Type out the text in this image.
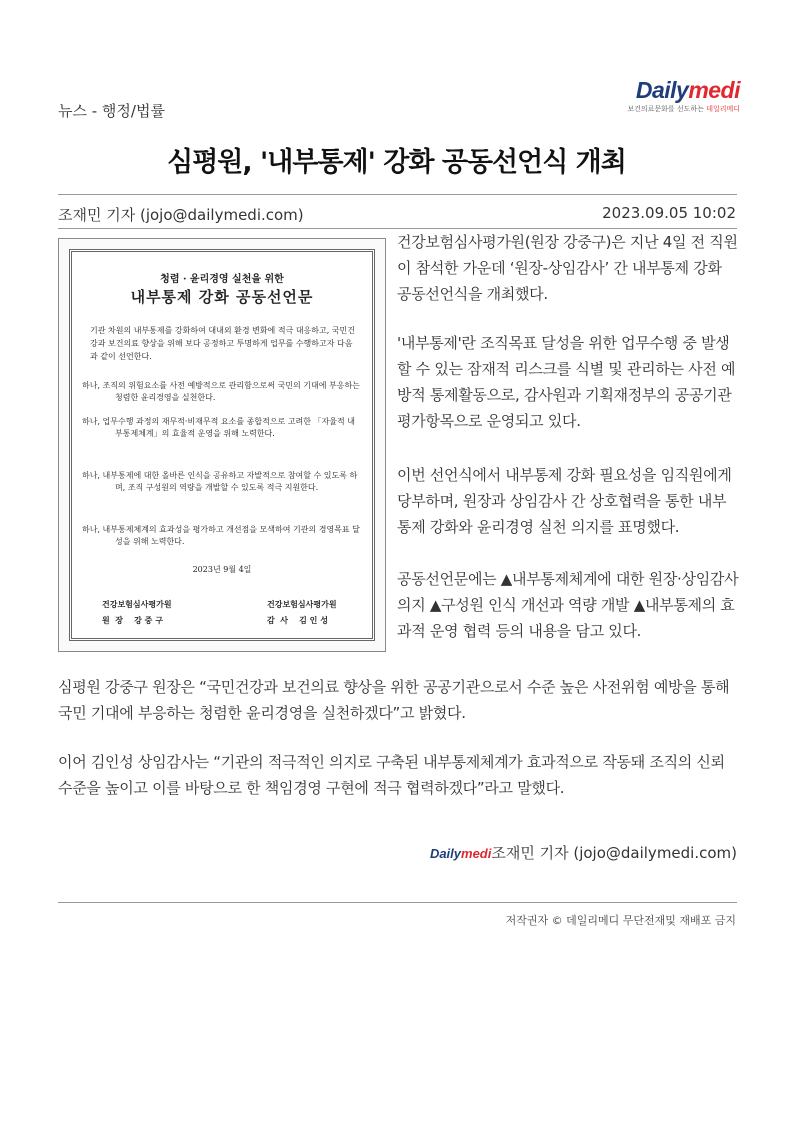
뉴스 - 행정/법률
Dailymedi
보건의료문화를 선도하는 데일리메디
심평원, '내부통제' 강화 공동선언식 개최
조재민 기자 (jojo@dailymedi.com)	2023.09.05 10:02
청렴 · 윤리경영 실천을 위한
내부통제 강화 공동선언문
기관 차원의 내부통제를 강화하여 대내외 환경 변화에 적극 대응하고, 국민건강과 보건의료 향상을 위해 보다 공정하고 투명하게 업무를 수행하고자 다음과 같이 선언한다.
하나, 조직의 위험요소를 사전 예방적으로 관리함으로써 국민의 기대에 부응하는 청렴한 윤리경영을 실천한다.
하나, 업무수행 과정의 재무적·비재무적 요소를 종합적으로 고려한 「자율적 내부통제체계」의 효율적 운영을 위해 노력한다.
하나, 내부통제에 대한 올바른 인식을 공유하고 자발적으로 참여할 수 있도록 하며, 조직 구성원의 역량을 개발할 수 있도록 적극 지원한다.
하나, 내부통제체계의 효과성을 평가하고 개선점을 모색하여 기관의 경영목표 달성을 위해 노력한다.
2023년 9월 4일
건강보험심사평가원
원  장    강 중 구
건강보험심사평가원
감  사    김 인 성
건강보험심사평가원(원장 강중구)은 지난 4일 전 직원이 참석한 가운데 ‘원장-상임감사’ 간 내부통제 강화 공동선언식을 개최했다.
'내부통제'란 조직목표 달성을 위한 업무수행 중 발생할 수 있는 잠재적 리스크를 식별 및 관리하는 사전 예방적 통제활동으로, 감사원과 기획재정부의 공공기관 평가항목으로 운영되고 있다.
이번 선언식에서 내부통제 강화 필요성을 임직원에게 당부하며, 원장과 상임감사 간 상호협력을 통한 내부통제 강화와 윤리경영 실천 의지를 표명했다.
공동선언문에는 ▲내부통제체계에 대한 원장·상임감사 의지 ▲구성원 인식 개선과 역량 개발 ▲내부통제의 효과적 운영 협력 등의 내용을 담고 있다.
심평원 강중구 원장은 “국민건강과 보건의료 향상을 위한 공공기관으로서 수준 높은 사전위험 예방을 통해 국민 기대에 부응하는 청렴한 윤리경영을 실천하겠다”고 밝혔다.
이어 김인성 상임감사는 “기관의 적극적인 의지로 구축된 내부통제체계가 효과적으로 작동돼 조직의 신뢰 수준을 높이고 이를 바탕으로 한 책임경영 구현에 적극 협력하겠다”라고 말했다.
Dailymedi조재민 기자 (jojo@dailymedi.com)
저작권자 © 데일리메디 무단전재및 재배포 금지
